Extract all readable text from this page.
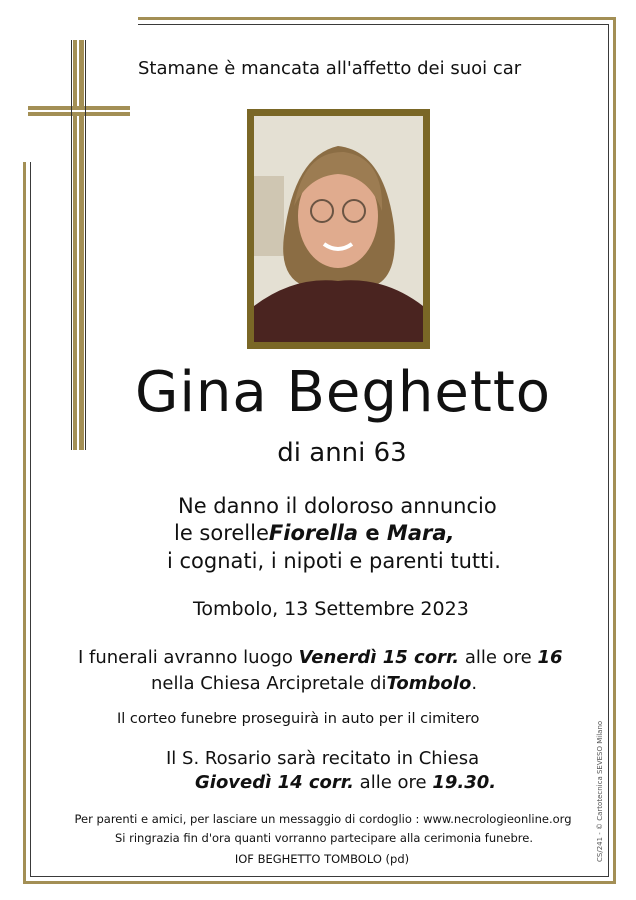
Stamane è mancata all'affetto dei suoi car
Gina Beghetto
di anni 63
Ne danno il doloroso annuncio
le sorelleFiorella e Mara,
i cognati, i nipoti e parenti tutti.
Tombolo, 13 Settembre 2023
I funerali avranno luogo Venerdì 15 corr. alle ore 16
nella Chiesa Arcipretale diTombolo.
Il corteo funebre proseguirà in auto per il cimitero
Il S. Rosario sarà recitato in Chiesa
Giovedì 14 corr. alle ore 19.30.
Per parenti e amici, per lasciare un messaggio di cordoglio : www.necrologieonline.org
Si ringrazia fin d'ora quanti vorranno partecipare alla cerimonia funebre.
IOF BEGHETTO TOMBOLO (pd)	CS/241 - © Cartotecnica SEVESO Milano
